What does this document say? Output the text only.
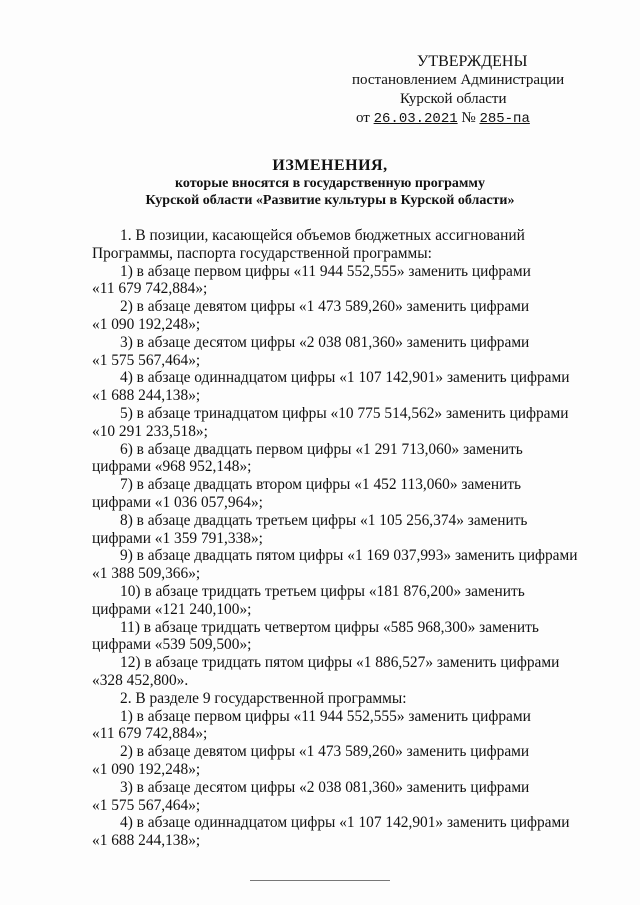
УТВЕРЖДЕНЫ
постановлением Администрации
Курской области
от 26.03.2021 № 285-па
ИЗМЕНЕНИЯ,
которые вносятся в государственную программу
Курской области «Развитие культуры в Курской области»

1. В позиции, касающейся объемов бюджетных ассигнований

Программы, паспорта государственной программы:

1) в абзаце первом цифры «11 944 552,555» заменить цифрами

«11 679 742,884»;

2) в абзаце девятом цифры «1 473 589,260» заменить цифрами

«1 090 192,248»;

3) в абзаце десятом цифры «2 038 081,360» заменить цифрами

«1 575 567,464»;

4) в абзаце одиннадцатом цифры «1 107 142,901» заменить цифрами

«1 688 244,138»;

5) в абзаце тринадцатом цифры «10 775 514,562» заменить цифрами

«10 291 233,518»;

6) в абзаце двадцать первом цифры «1 291 713,060» заменить

цифрами «968 952,148»;

7) в абзаце двадцать втором цифры «1 452 113,060» заменить

цифрами «1 036 057,964»;

8) в абзаце двадцать третьем цифры «1 105 256,374» заменить

цифрами «1 359 791,338»;

9) в абзаце двадцать пятом цифры «1 169 037,993» заменить цифрами

«1 388 509,366»;

10) в абзаце тридцать третьем цифры «181 876,200» заменить

цифрами «121 240,100»;

11) в абзаце тридцать четвертом цифры «585 968,300» заменить

цифрами «539 509,500»;

12) в абзаце тридцать пятом цифры «1 886,527» заменить цифрами

«328 452,800».

2. В разделе 9 государственной программы:

1) в абзаце первом цифры «11 944 552,555» заменить цифрами

«11 679 742,884»;

2) в абзаце девятом цифры «1 473 589,260» заменить цифрами

«1 090 192,248»;

3) в абзаце десятом цифры «2 038 081,360» заменить цифрами

«1 575 567,464»;

4) в абзаце одиннадцатом цифры «1 107 142,901» заменить цифрами

«1 688 244,138»;
